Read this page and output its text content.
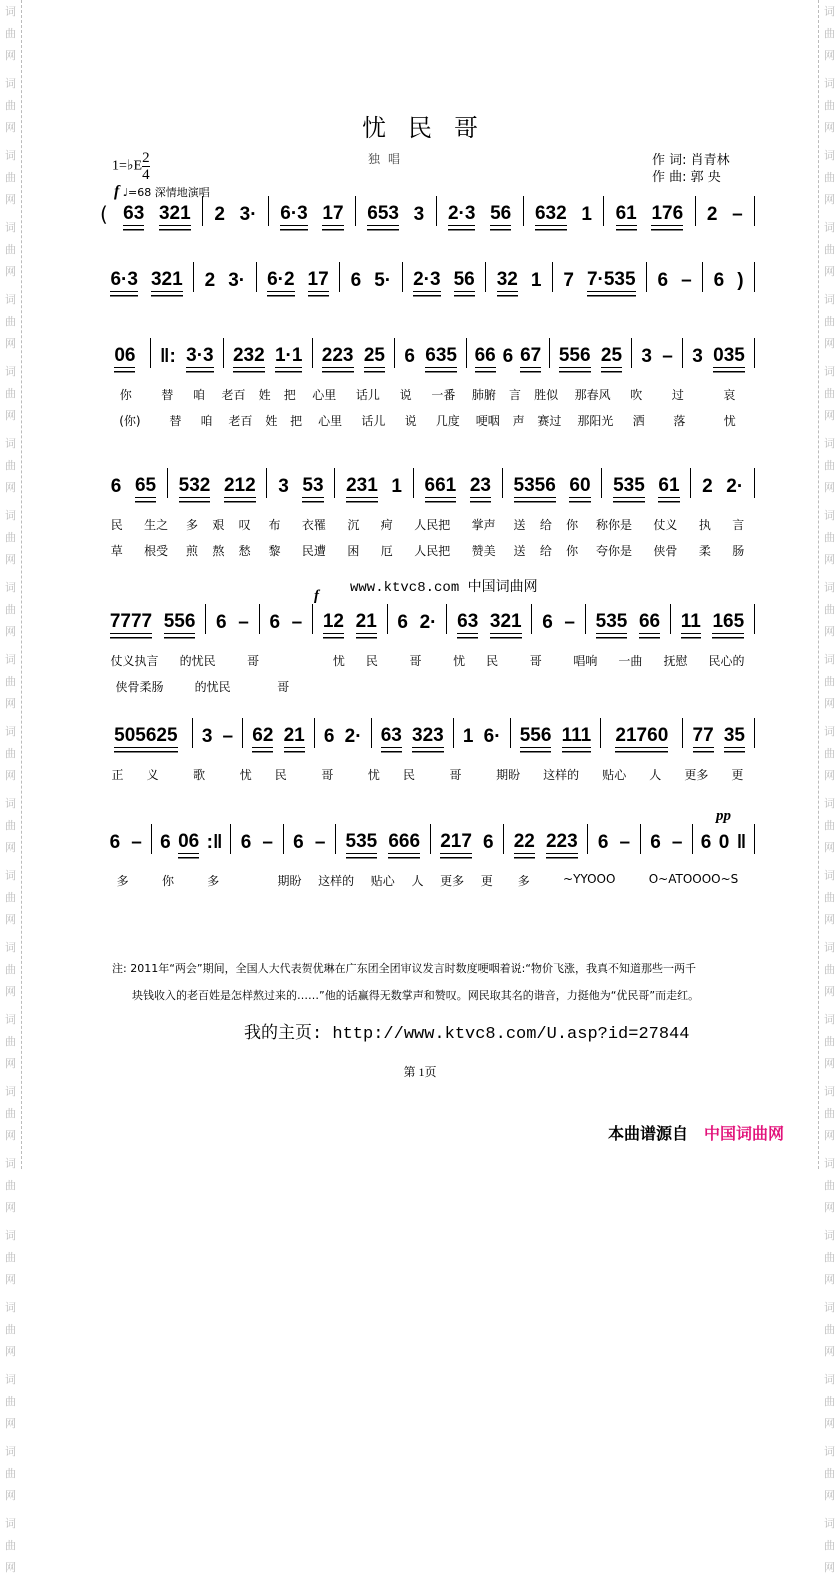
词
曲
网
词
曲
网
词
曲
网
词
曲
网
词
曲
网
词
曲
网
词
曲
网
词
曲
网
词
曲
网
词
曲
网
词
曲
网
词
曲
网
词
曲
网
词
曲
网
词
曲
网
词
曲
网
词
曲
网
词
曲
网
词
曲
网
词
曲
网
词
曲
网
词
曲
网
词
曲
网
词
曲
网
词
曲
网
词
曲
网
词
曲
网
词
曲
网
词
曲
网
词
曲
网
词
曲
网
词
曲
网
词
曲
网
词
曲
网
词
曲
网
词
曲
网
词
曲
网
词
曲
网
词
曲
网
词
曲
网
词
曲
网
词
曲
网
词
曲
网
词
曲
网
忧民哥
1=♭E $\frac{2}{4}$	独唱	作 词: 肖青林
作 曲: 郭 央
f ♩=68 深情地演唱
( 63 321 2 3· 6·3 17 653 3 2·3 56 632 1 61 176 2 –
6·3 321 2 3· 6·2 17 6 5· 2·3 56 32 1 7 7·535 6 – 6 )
06 ‖: 3·3 232 1·1 223 25 6 635 66 6 67 556 25 3 – 3 035
你 替 咱 老百 姓 把 心里 话儿 说 一番 肺腑 言 胜似 那春风 吹 过	哀
(你) 替 咱 老百 姓 把 心里 话儿 说 几度 哽咽 声 赛过 那阳光 洒 落	忧
6 65 532 212 3 53 231 1 661 23 5356 60 535 61 2 2·
民 生之 多 艰 叹 布 衣罹 沉 疴 人民把 掌声 送 给 你 称你是 仗义 执 言
草 根受 煎 熬 愁 黎 民遭 困 厄 人民把 赞美 送 给 你 夸你是 侠骨 柔 肠
7777 556 6 – 6 – 12 21 6 2· 63 321 6 – 535 66 11 165
仗义执言 的忧民	哥	忧 民	哥	忧 民	哥	唱响 一曲 抚慰 民心的
侠骨柔肠	的忧民	哥
505625 3 – 62 21 6 2· 63 323 1 6· 556 111 21760 77 35
正 义	歌	忧 民	哥	忧 民	哥	期盼 这样的 贴心 人 更多 更
6 – 6 06 :‖ 6 – 6 – 535 666 217 6 22 223 6 – 6 – 6 0 ‖
多	你	多	期盼 这样的 贴心 人 更多 更 多	~YYOOO	O~ATOOOO~S
f
pp
www.ktvc8.com 中国词曲网
注: 2011年“两会”期间，全国人大代表贺优琳在广东团全团审议发言时数度哽咽着说:“物价飞涨，我真不知道那些一两千
块钱收入的老百姓是怎样熬过来的……”他的话赢得无数掌声和赞叹。网民取其名的谐音，力挺他为“优民哥”而走红。
我的主页: http://www.ktvc8.com/U.asp?id=27844
第 1页
本曲谱源自 中国词曲网
